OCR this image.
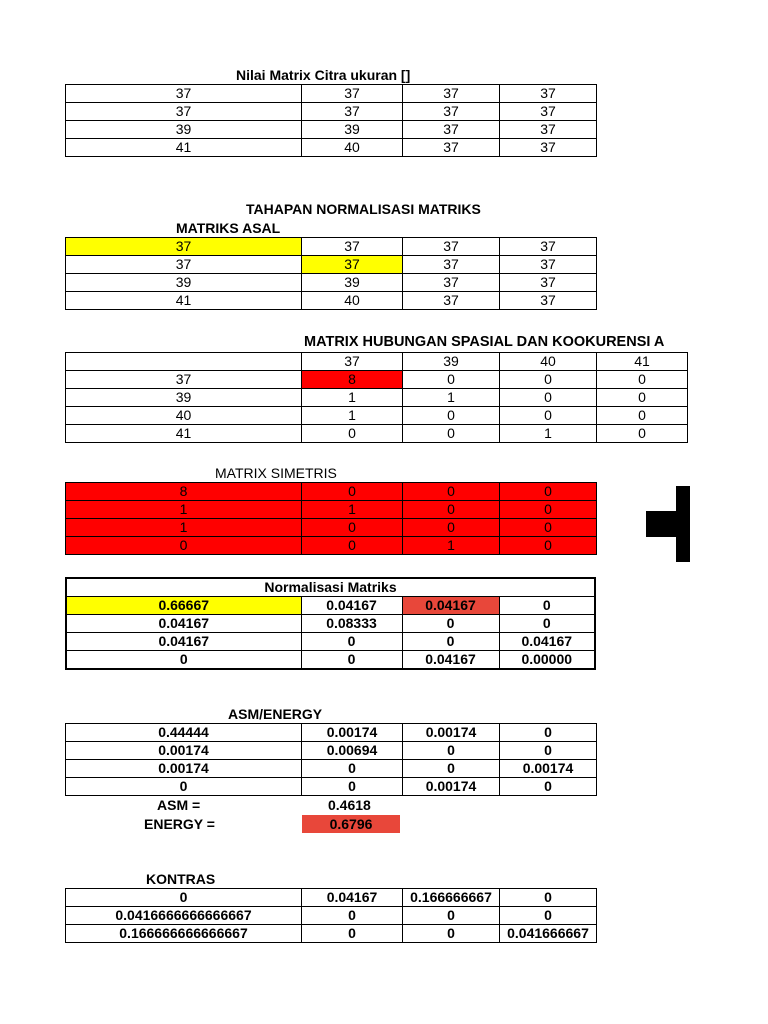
Nilai Matrix Citra ukuran []
37	37	37	37
37	37	37	37
39	39	37	37
41	40	37	37
TAHAPAN NORMALISASI MATRIKS
MATRIKS ASAL
37	37	37	37
37	37	37	37
39	39	37	37
41	40	37	37
MATRIX HUBUNGAN SPASIAL DAN KOOKURENSI A
	37	39	40	41
37	8	0	0	0
39	1	1	0	0
40	1	0	0	0
41	0	0	1	0
MATRIX SIMETRIS
8	0	0	0
1	1	0	0
1	0	0	0
0	0	1	0
Normalisasi Matriks			
0.66667	0.04167	0.04167	0
0.04167	0.08333	0	0
0.04167	0	0	0.04167
0	0	0.04167	0.00000
ASM/ENERGY
0.44444	0.00174	0.00174	0
0.00174	0.00694	0	0
0.00174	0	0	0.00174
0	0	0.00174	0
ASM =	0.4618
ENERGY =	0.6796
KONTRAS
0	0.04167	0.166666667	0
0.0416666666666667	0	0	0
0.166666666666667	0	0	0.041666667
